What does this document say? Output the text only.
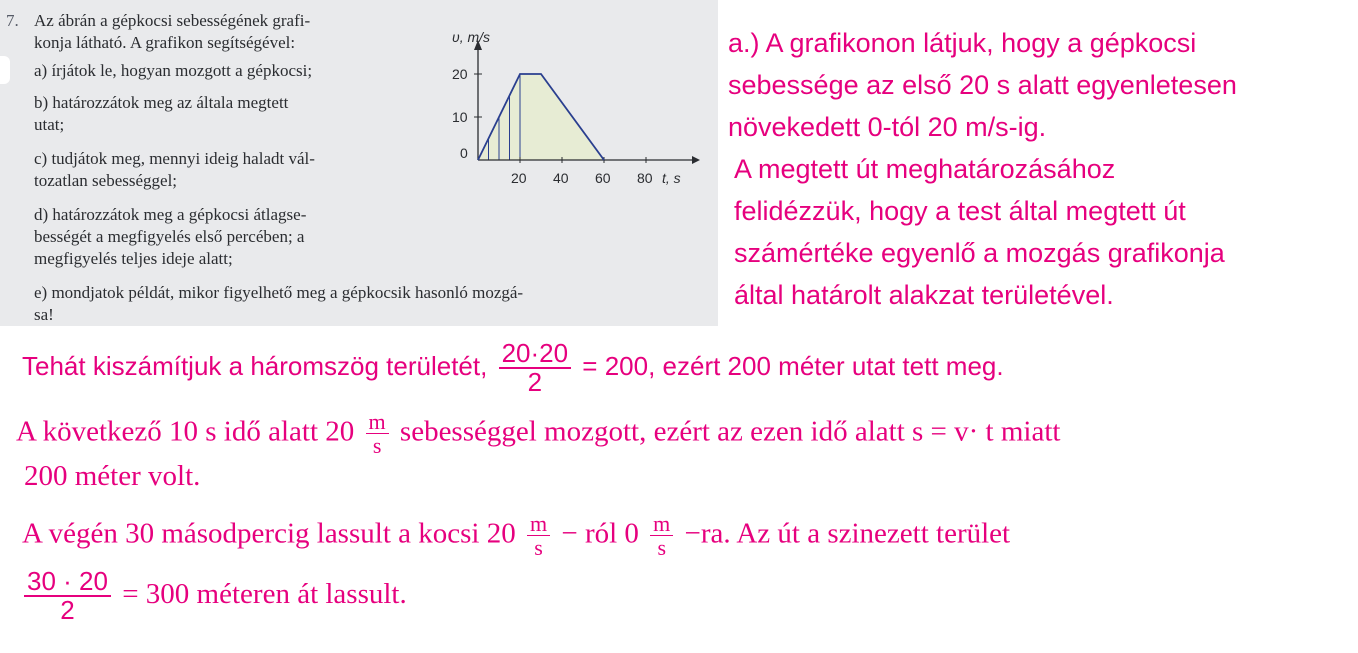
7. Az ábrán a gépkocsi sebességének grafi-
konja látható. A grafikon segítségével:

a) írjátok le, hogyan mozgott a gépkocsi;

b) határozzátok meg az általa megtett
utat;

c) tudjátok meg, mennyi ideig haladt vál-
tozatlan sebességgel;

d) határozzátok meg a gépkocsi átlagse-
bességét a megfigyelés első percében; a
megfigyelés teljes ideje alatt;

e) mondjatok példát, mikor figyelhető meg a gépkocsik hasonló mozgá-
sa!

20 40 60 80
0
10
20
υ, m/s
t, s
a.) A grafikonon látjuk, hogy a gépkocsi
sebessége az első 20 s alatt egyenletesen
növekedett 0-tól 20 m/s-ig.
A megtett út meghatározásához
felidézzük, hogy a test által megtett út
számértéke egyenlő a mozgás grafikonja
által határolt alakzat területével.
Tehát kiszámítjuk a háromszög területét, $\frac{20\cdot 20}{2} = 200$, ezért 200 méter utat tett meg.
A következő 10 s idő alatt $20 \frac{m}{s}$ sebességgel mozgott, ezért az ezen idő alatt s = v· t miatt
200 méter volt.
A végén 30 másodpercig lassult a kocsi $20 \frac{m}{s}$ − ról $0 \frac{m}{s} -ra$. Az út a szinezett terület
$\frac{30 \cdot 20}{2} = 300$ méteren át lassult.
